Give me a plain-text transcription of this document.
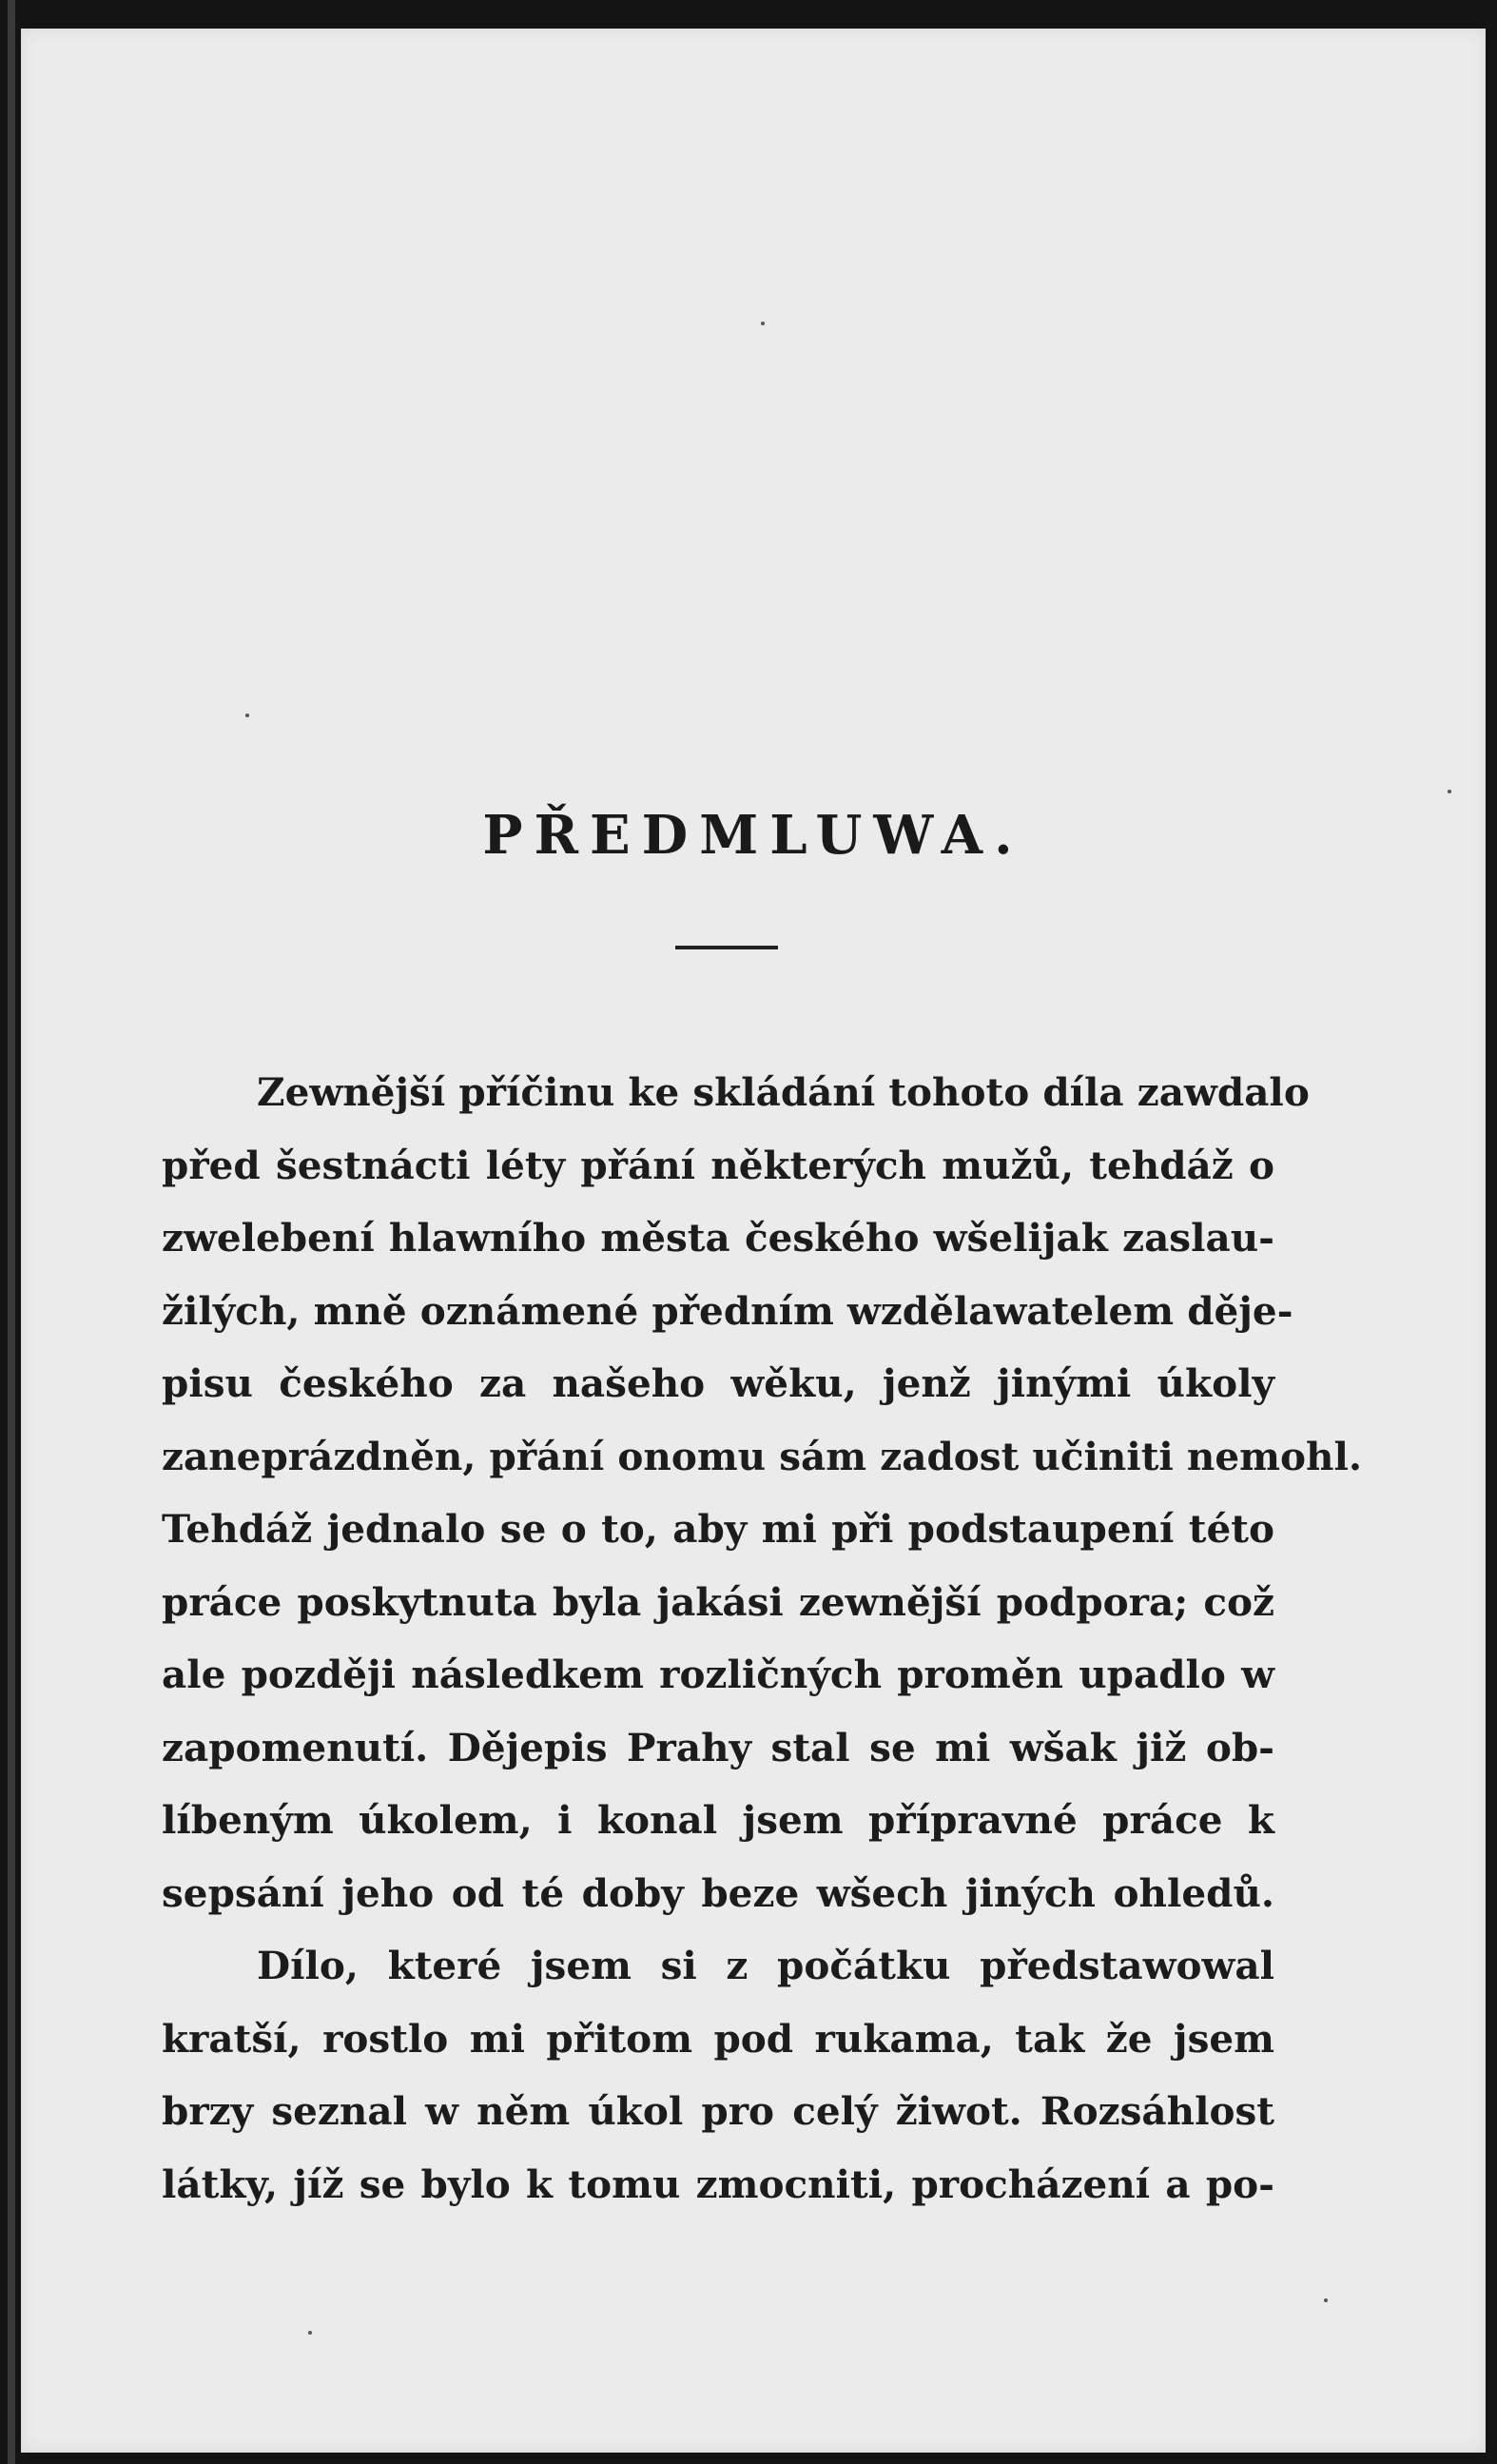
PŘEDMLUWA.
Zewnější příčinu ke skládání tohoto díla zawdalo
před šestnácti léty přání některých mužů, tehdáž o
zwelebení hlawního města českého wšelijak zaslau-
žilých, mně oznámené předním wzdělawatelem děje-
pisu českého za našeho wěku, jenž jinými úkoly
zaneprázdněn, přání onomu sám zadost učiniti nemohl.
Tehdáž jednalo se o to, aby mi při podstaupení této
práce poskytnuta byla jakási zewnější podpora; což
ale později následkem rozličných proměn upadlo w
zapomenutí. Dějepis Prahy stal se mi wšak již ob-
líbeným úkolem, i konal jsem přípravné práce k
sepsání jeho od té doby beze wšech jiných ohledů.
Dílo, které jsem si z počátku předstawowal
kratší, rostlo mi přitom pod rukama, tak že jsem
brzy seznal w něm úkol pro celý žiwot. Rozsáhlost
látky, jíž se bylo k tomu zmocniti, procházení a po-
